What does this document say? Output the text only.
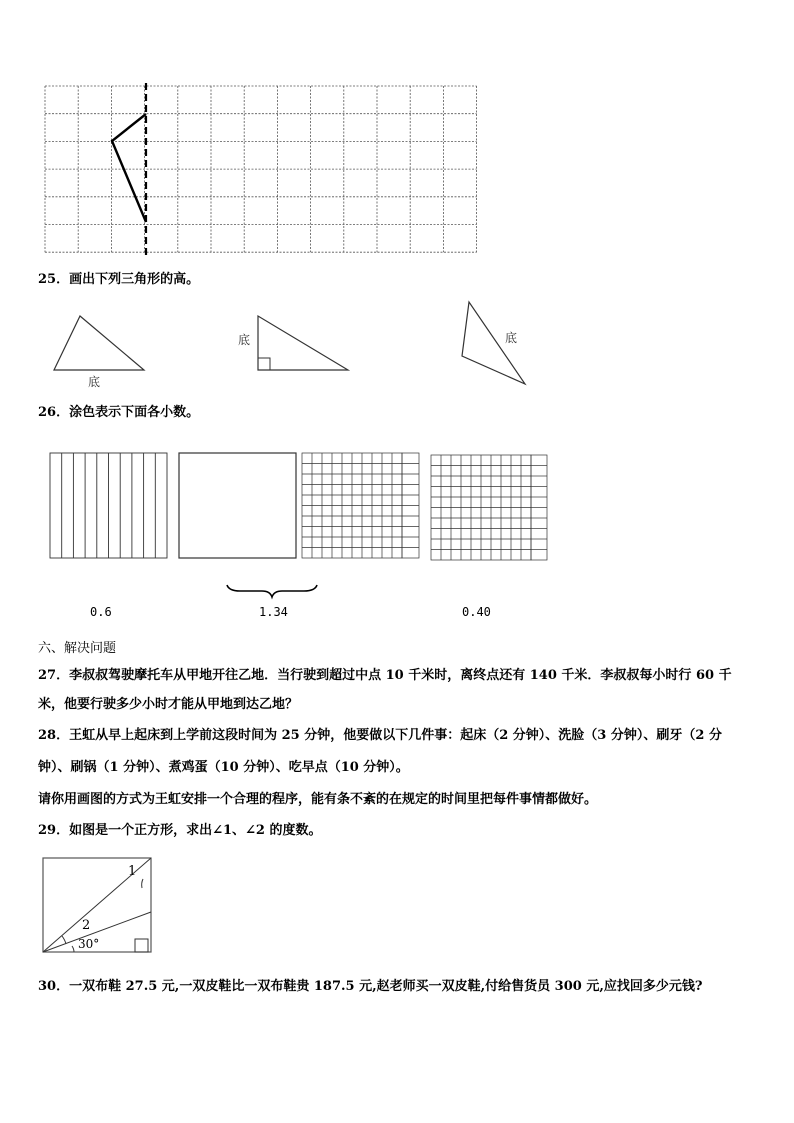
25．画出下列三角形的高。
底
底	底
26．涂色表示下面各小数。
0.6	1.34	0.40
六、解决问题
27．李叔叔驾驶摩托车从甲地开往乙地．当行驶到超过中点 10 千米时，离终点还有 140 千米．李叔叔每小时行 60 千
米，他要行驶多少小时才能从甲地到达乙地？
28．王虹从早上起床到上学前这段时间为 25 分钟，他要做以下几件事：起床（2 分钟）、洗脸（3 分钟）、刷牙（2 分
钟）、刷锅（1 分钟）、煮鸡蛋（10 分钟）、吃早点（10 分钟）。
请你用画图的方式为王虹安排一个合理的程序，能有条不紊的在规定的时间里把每件事情都做好。
29．如图是一个正方形，求出∠1、∠2 的度数。
1
2
30°
30．一双布鞋 27.5 元,一双皮鞋比一双布鞋贵 187.5 元,赵老师买一双皮鞋,付给售货员 300 元,应找回多少元钱?
